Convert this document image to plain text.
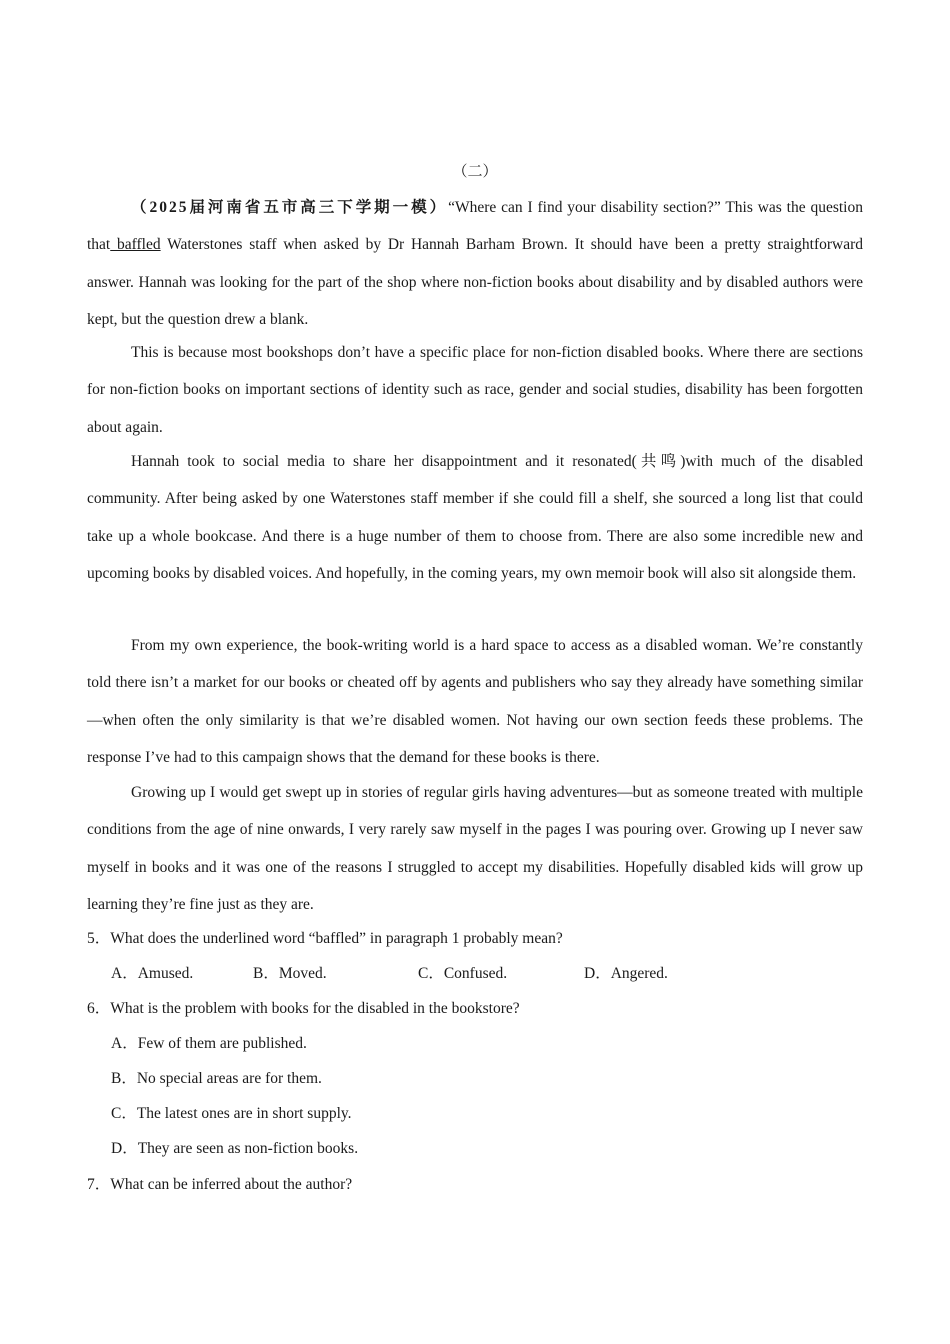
（二）
（2025届河南省五市高三下学期一模）“Where can I find your disability section?” This was the question that baffled Waterstones staff when asked by Dr Hannah Barham Brown. It should have been a pretty straightforward answer. Hannah was looking for the part of the shop where non-fiction books about disability and by disabled authors were kept, but the question drew a blank.
This is because most bookshops don’t have a specific place for non-fiction disabled books. Where there are sections for non-fiction books on important sections of identity such as race, gender and social studies, disability has been forgotten about again.
Hannah took to social media to share her disappointment and it resonated(共鸣)with much of the disabled community. After being asked by one Waterstones staff member if she could fill a shelf, she sourced a long list that could take up a whole bookcase. And there is a huge number of them to choose from. There are also some incredible new and upcoming books by disabled voices. And hopefully, in the coming years, my own memoir book will also sit alongside them.
From my own experience, the book-writing world is a hard space to access as a disabled woman. We’re constantly told there isn’t a market for our books or cheated off by agents and publishers who say they already have something similar—when often the only similarity is that we’re disabled women. Not having our own section feeds these problems. The response I’ve had to this campaign shows that the demand for these books is there.
Growing up I would get swept up in stories of regular girls having adventures—but as someone treated with multiple conditions from the age of nine onwards, I very rarely saw myself in the pages I was pouring over. Growing up I never saw myself in books and it was one of the reasons I struggled to accept my disabilities. Hopefully disabled kids will grow up learning they’re fine just as they are.
5．What does the underlined word “baffled” in paragraph 1 probably mean?
A．Amused.	B．Moved.	C．Confused.	D．Angered.
6．What is the problem with books for the disabled in the bookstore?
A．Few of them are published.
B．No special areas are for them.
C．The latest ones are in short supply.
D．They are seen as non-fiction books.
7．What can be inferred about the author?
